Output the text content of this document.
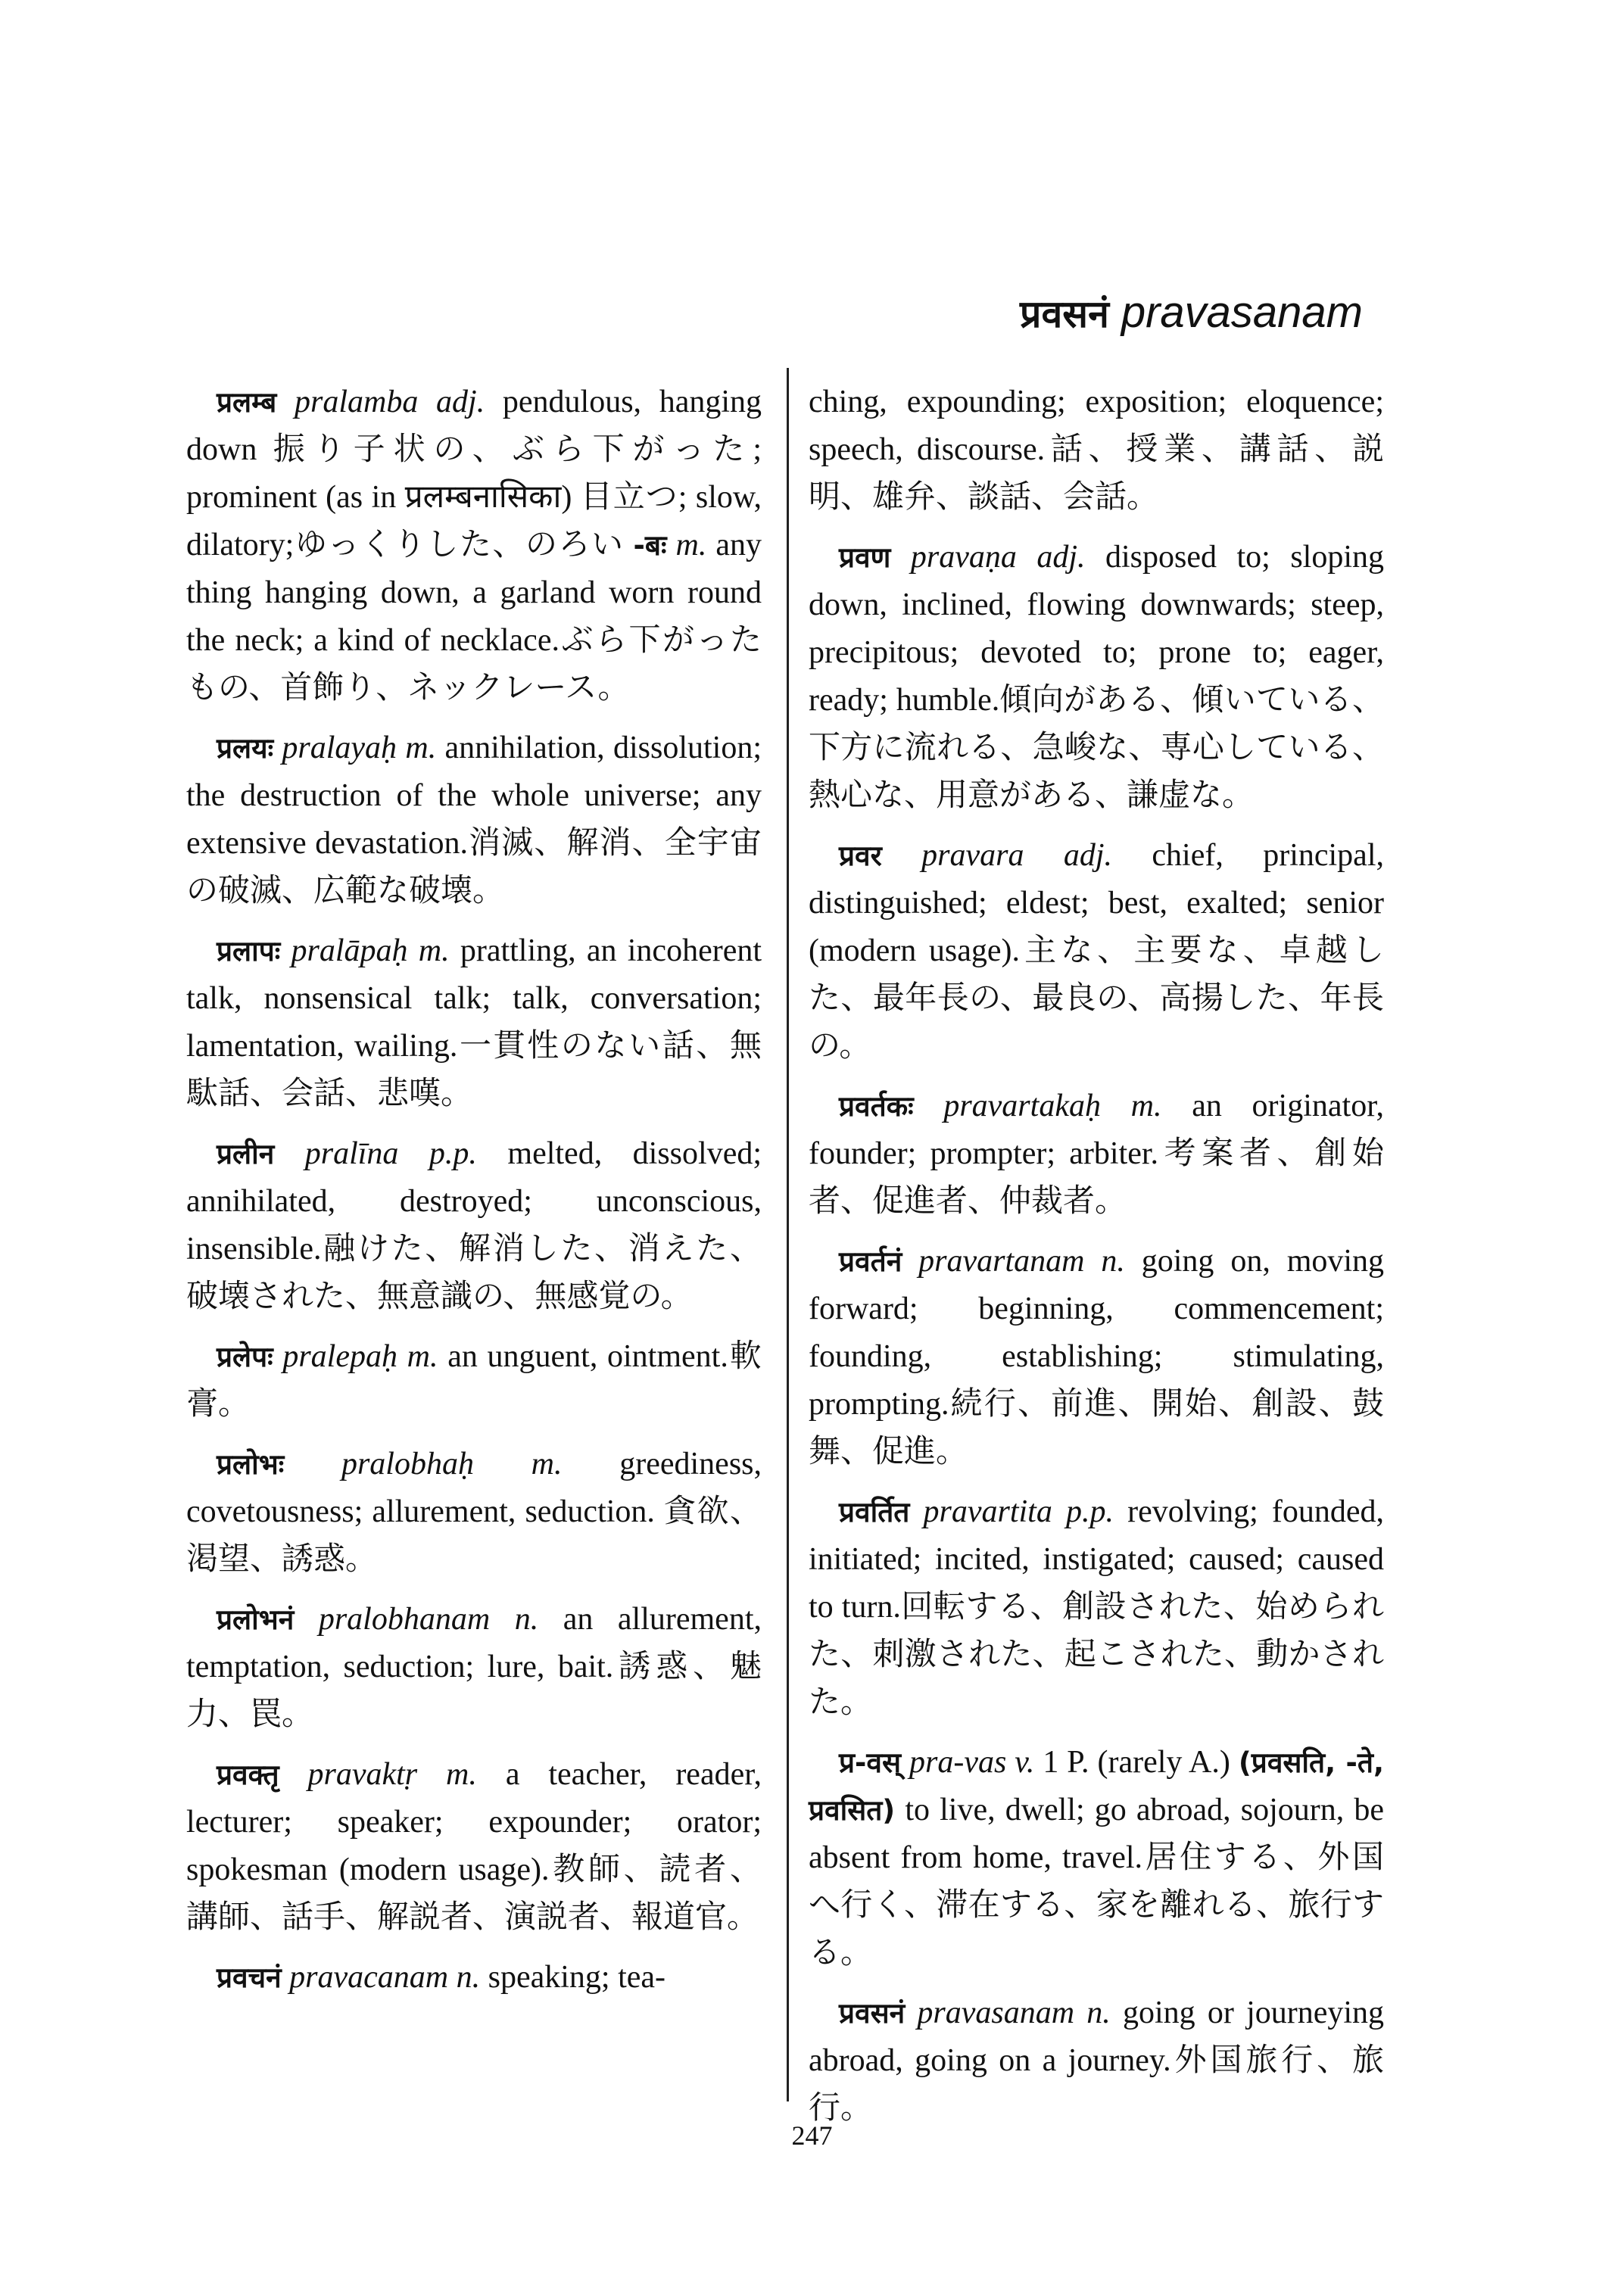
प्रवसनं pravasanam

प्रलम्ब pralamba adj. pendulous, hanging down 振り子状の、ぶら下がった; prominent (as in प्रलम्बनासिका) 目立つ; slow, dilatory;ゆっくりした、のろい -बः m. any thing hanging down, a garland worn round the neck; a kind of necklace.ぶら下がったもの、首飾り、ネックレース。

प्रलयः pralayaḥ m. annihilation, dissolution; the destruction of the whole universe; any extensive devastation.消滅、解消、全宇宙の破滅、広範な破壊。

प्रलापः pralāpaḥ m. prattling, an incoherent talk, nonsensical talk; talk, conversation; lamentation, wailing.一貫性のない話、無駄話、会話、悲嘆。

प्रलीन pralīna p.p. melted, dissolved; annihilated, destroyed; unconscious, insensible.融けた、解消した、消えた、破壊された、無意識の、無感覚の。

प्रलेपः pralepaḥ m. an unguent, ointment.軟膏。

प्रलोभः pralobhaḥ m. greediness, covetousness; allurement, seduction. 貪欲、渇望、誘惑。

प्रलोभनं pralobhanam n. an allurement, temptation, seduction; lure, bait.誘惑、魅力、罠。

प्रवक्तृ pravaktṛ m. a teacher, reader, lecturer; speaker; expounder; orator; spokesman (modern usage).教師、読者、講師、話手、解説者、演説者、報道官。

प्रवचनं pravacanam n. speaking; tea-

ching, expounding; exposition; eloquence; speech, discourse.話、授業、講話、説明、雄弁、談話、会話。

प्रवण pravaṇa adj. disposed to; sloping down, inclined, flowing downwards; steep, precipitous; devoted to; prone to; eager, ready; humble.傾向がある、傾いている、下方に流れる、急峻な、専心している、熱心な、用意がある、謙虚な。

प्रवर pravara adj. chief, principal, distinguished; eldest; best, exalted; senior (modern usage).主な、主要な、卓越した、最年長の、最良の、高揚した、年長の。

प्रवर्तकः pravartakaḥ m. an originator, founder; prompter; arbiter.考案者、創始者、促進者、仲裁者。

प्रवर्तनं pravartanam n. going on, moving forward; beginning, commencement; founding, establishing; stimulating, prompting.続行、前進、開始、創設、鼓舞、促進。

प्रवर्तित pravartita p.p. revolving; founded, initiated; incited, instigated; caused; caused to turn.回転する、創設された、始められた、刺激された、起こされた、動かされた。

प्र-वस् pra-vas v. 1 P. (rarely A.) (प्रवसति, -ते, प्रवसित) to live, dwell; go abroad, sojourn, be absent from home, travel.居住する、外国へ行く、滞在する、家を離れる、旅行する。

प्रवसनं pravasanam n. going or journeying abroad, going on a journey.外国旅行、旅行。

247
